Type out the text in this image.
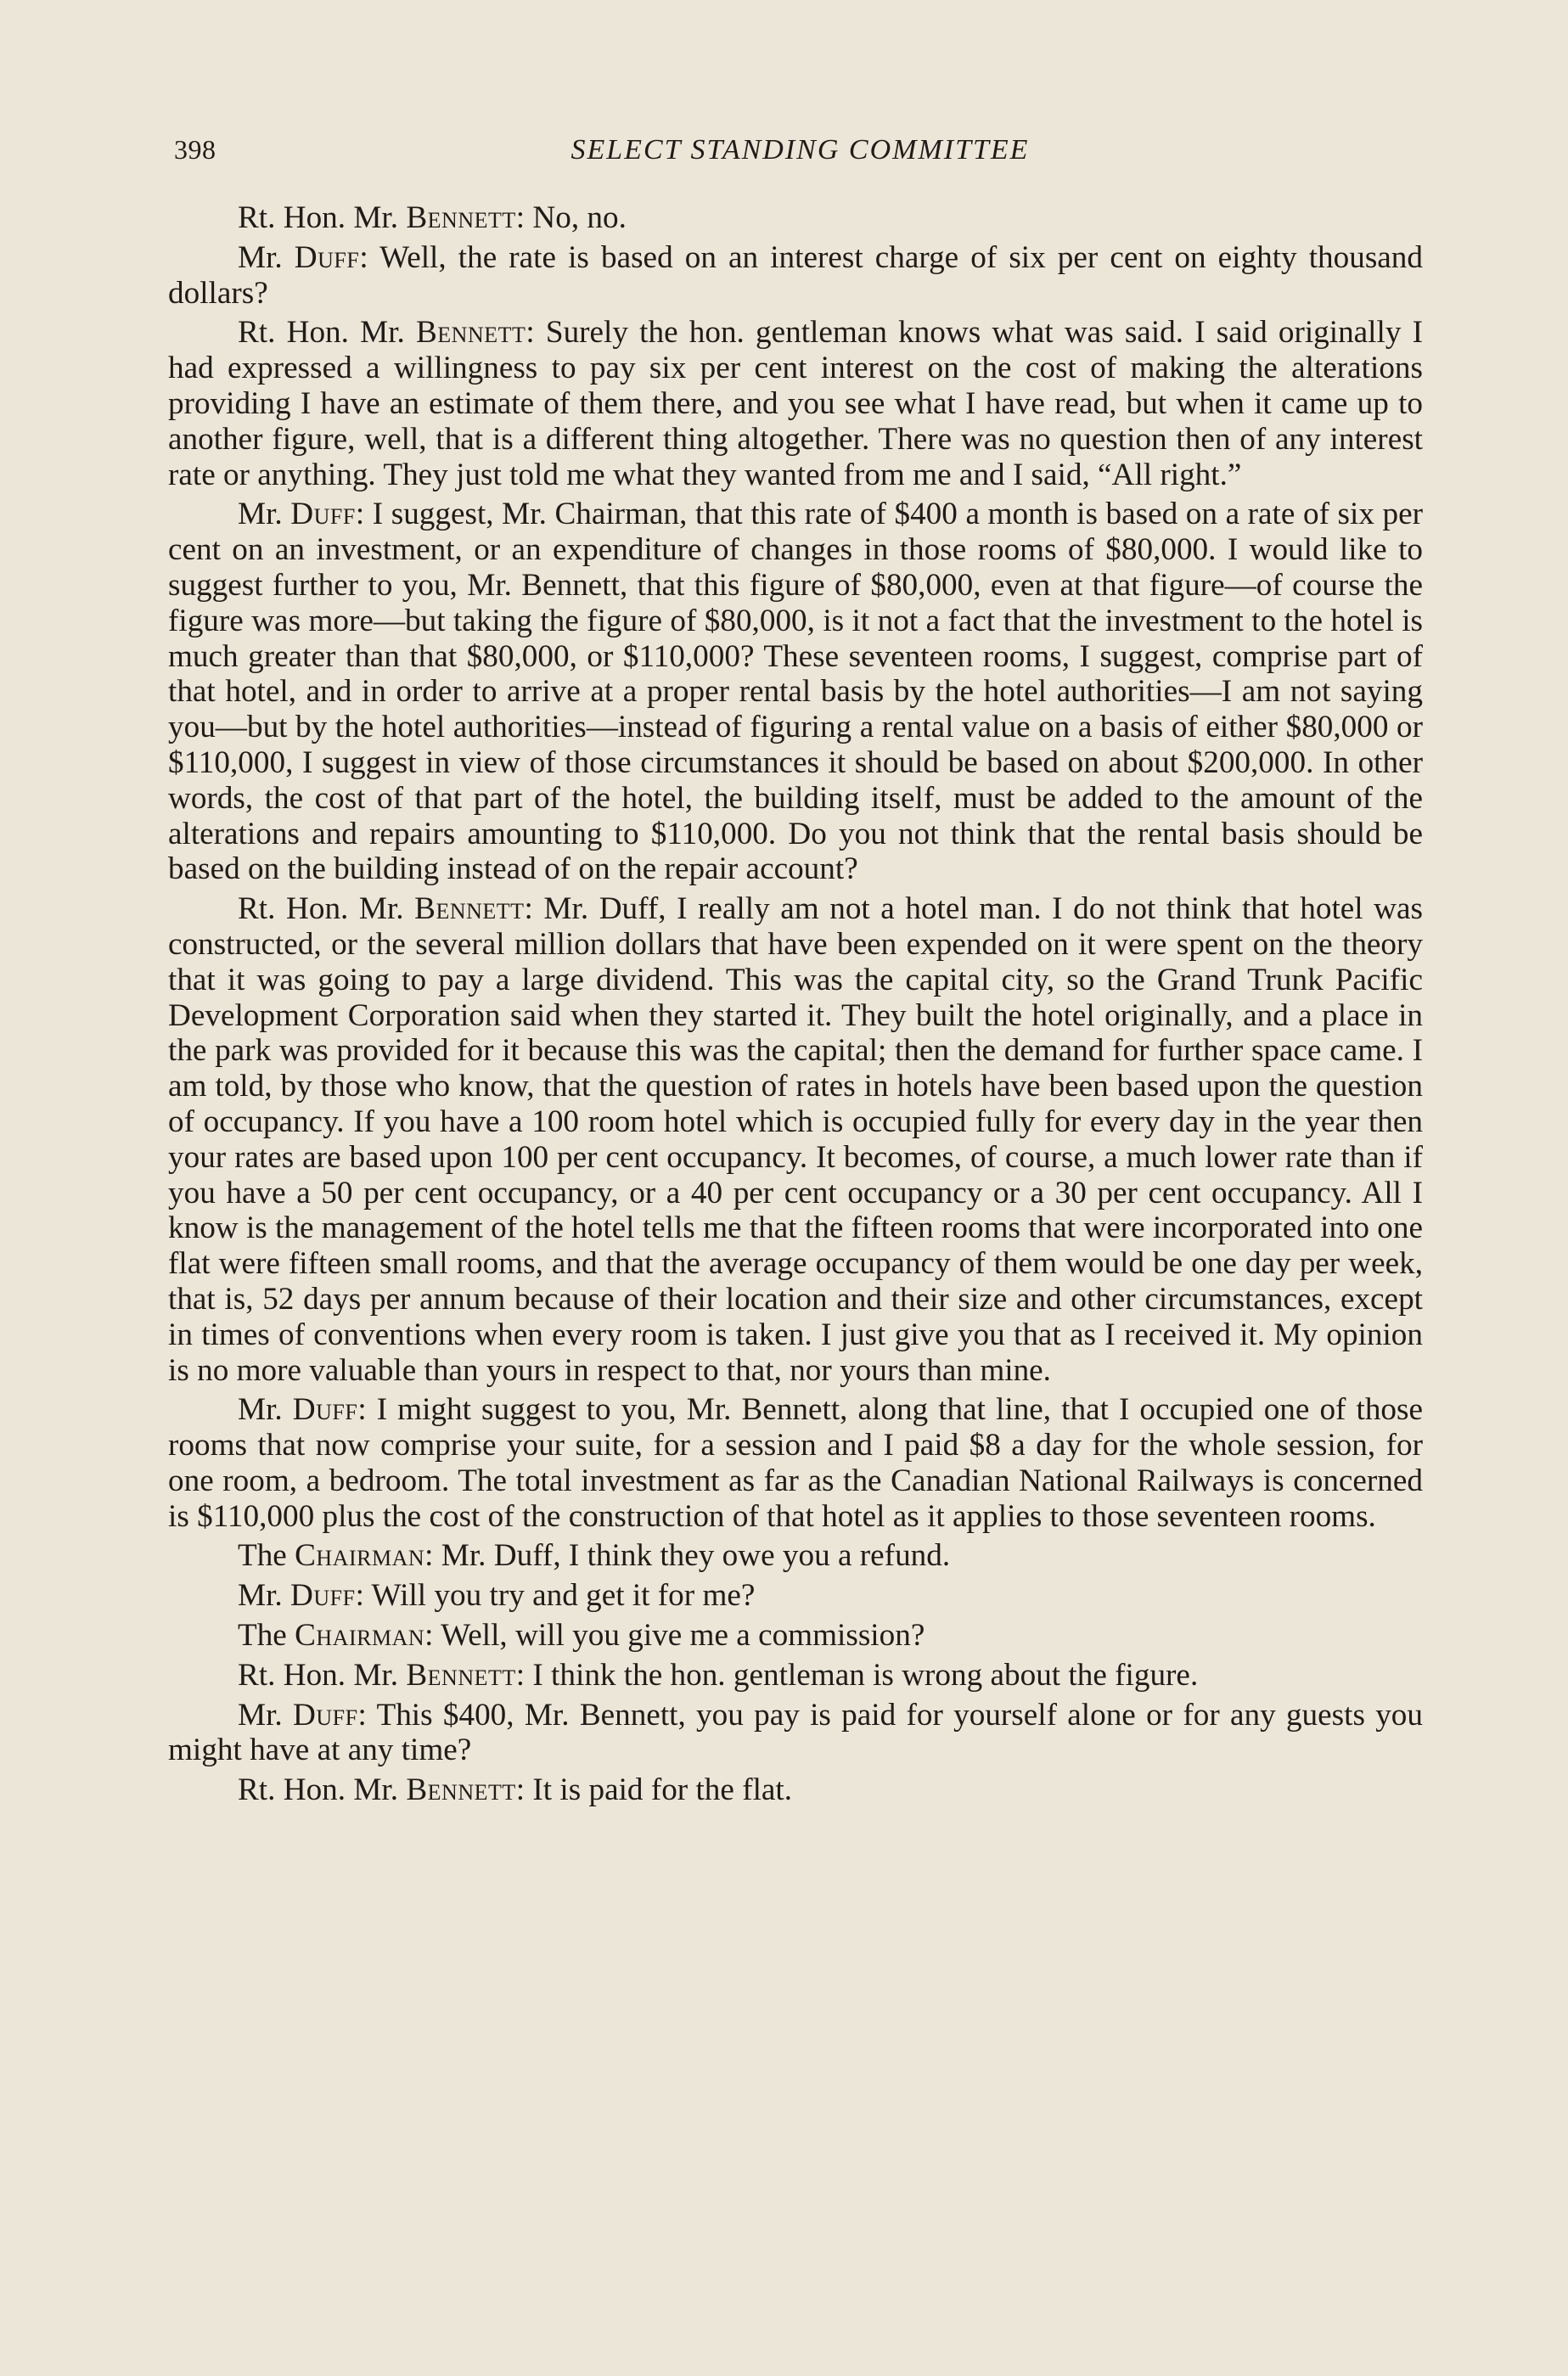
398	SELECT STANDING COMMITTEE

Rt. Hon. Mr. Bennett: No, no.

Mr. Duff: Well, the rate is based on an interest charge of six per cent on eighty thousand dollars?

Rt. Hon. Mr. Bennett: Surely the hon. gentleman knows what was said. I said originally I had expressed a willingness to pay six per cent interest on the cost of making the alterations providing I have an estimate of them there, and you see what I have read, but when it came up to another figure, well, that is a different thing altogether. There was no question then of any interest rate or anything. They just told me what they wanted from me and I said, “All right.”

Mr. Duff: I suggest, Mr. Chairman, that this rate of $400 a month is based on a rate of six per cent on an investment, or an expenditure of changes in those rooms of $80,000. I would like to suggest further to you, Mr. Bennett, that this figure of $80,000, even at that figure—of course the figure was more—but taking the figure of $80,000, is it not a fact that the investment to the hotel is much greater than that $80,000, or $110,000? These seventeen rooms, I suggest, comprise part of that hotel, and in order to arrive at a proper rental basis by the hotel authorities—I am not saying you—but by the hotel authorities—instead of figuring a rental value on a basis of either $80,000 or $110,000, I suggest in view of those circumstances it should be based on about $200,000. In other words, the cost of that part of the hotel, the building itself, must be added to the amount of the alterations and repairs amounting to $110,000. Do you not think that the rental basis should be based on the building instead of on the repair account?

Rt. Hon. Mr. Bennett: Mr. Duff, I really am not a hotel man. I do not think that hotel was constructed, or the several million dollars that have been expended on it were spent on the theory that it was going to pay a large dividend. This was the capital city, so the Grand Trunk Pacific Development Corporation said when they started it. They built the hotel originally, and a place in the park was provided for it because this was the capital; then the demand for further space came. I am told, by those who know, that the question of rates in hotels have been based upon the question of occupancy. If you have a 100 room hotel which is occupied fully for every day in the year then your rates are based upon 100 per cent occupancy. It becomes, of course, a much lower rate than if you have a 50 per cent occupancy, or a 40 per cent occupancy or a 30 per cent occupancy. All I know is the management of the hotel tells me that the fifteen rooms that were incorporated into one flat were fifteen small rooms, and that the average occupancy of them would be one day per week, that is, 52 days per annum because of their location and their size and other circumstances, except in times of conventions when every room is taken. I just give you that as I received it. My opinion is no more valuable than yours in respect to that, nor yours than mine.

Mr. Duff: I might suggest to you, Mr. Bennett, along that line, that I occupied one of those rooms that now comprise your suite, for a session and I paid $8 a day for the whole session, for one room, a bedroom. The total investment as far as the Canadian National Railways is concerned is $110,000 plus the cost of the construction of that hotel as it applies to those seventeen rooms.

The Chairman: Mr. Duff, I think they owe you a refund.

Mr. Duff: Will you try and get it for me?

The Chairman: Well, will you give me a commission?

Rt. Hon. Mr. Bennett: I think the hon. gentleman is wrong about the figure.

Mr. Duff: This $400, Mr. Bennett, you pay is paid for yourself alone or for any guests you might have at any time?

Rt. Hon. Mr. Bennett: It is paid for the flat.
